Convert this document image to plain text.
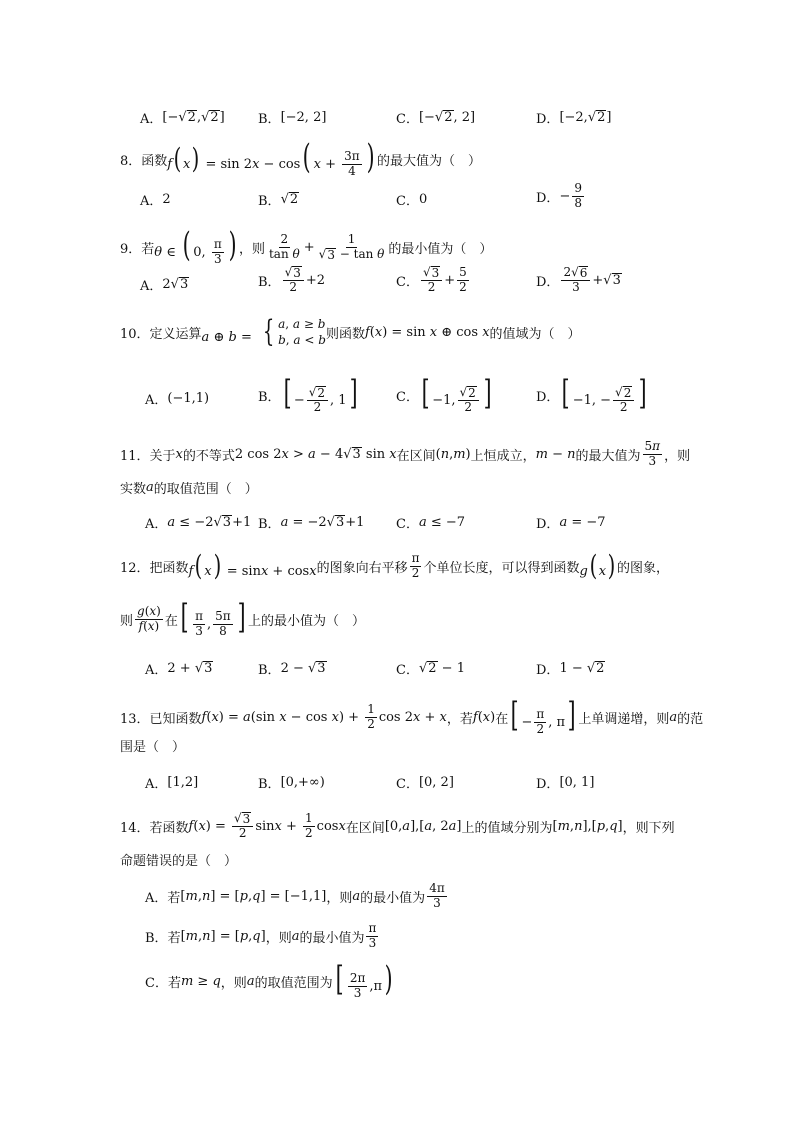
A． [− √ 2 , √ 2 ]	B． [−2, 2]	C． [− √ 2 , 2]	D． [−2, √ 2 ]
8．函数 f( x) = sin 2x − cos( $x + \frac{3\pi}{4}$ ) 的最大值为（　）
A． 2	B． √ 2	C． 0	D． − $\frac{9}{8}$
9．若 θ ∈ ( 0, $\frac{\pi}{3}$ ) ，则 $\frac{2}{\text{tan θ}} + \frac{1}{\text{√ 3 − tan θ}}$ 的最小值为（　）
A． 2 √ 3	B． $\frac{√ 3}{2} +2$	C． $\frac{√ 3}{2} + \frac{5}{2}$	D． $\frac{2 √ 6}{3}$ + √ 3
10．定义运算 a ⊕ b = { a, a ≥ b
b, a < b 则函数 f(x) = sin x ⊕ cos x 的值域为（　）
A． (−1,1)	B． [ − $\frac{√ 2}{2}$ , 1]	C． [ −1, $\frac{√ 2}{2}$ ]	D． [ −1, − $\frac{√ 2}{2}$ ]
11．关于 x 的不等式 2 cos 2x > a − 4 √ 3 sin x 在区间 (n,m) 上恒成立， m − n 的最大值为 $\frac{5\pi}{3}$ ，则
实数 a 的取值范围（　）
A． a ≤ −2 √ 3 +1 B． a = −2 √ 3 +1 C． a ≤ −7	D． a = −7
12．把函数 f( x) = sinx + cosx 的图象向右平移 $\frac{\pi}{2}$ 个单位长度，可以得到函数 g( x) 的图象，
则 $\frac{g(x)}{f(x)}$ 在 [ $\frac{\pi}{3}$ , $\frac{5\pi}{8}$ ] 上的最小值为（　）
A． 2 + √ 3	B． 2 − √ 3	C． √ 2 − 1	D． 1 − √ 2
13．已知函数 f(x) = a(sin $x - \cos x) + \frac{1}{2}$ cos 2x + x ，若 f(x) 在 [ − $\frac{\pi}{2}$ , π] 上单调递增，则 a 的范
围是（　）
A． [1,2]	B． [0,+∞)	C． [0, 2]	D． [0, 1]
14．若函数 $f(x) = \frac{√ 3}{2}$ $\sin x + \frac{1}{2}$ cosx 在区间 [0,a],[a, 2a] 上的值域分别为 [m,n],[p,q] ，则下列
命题错误的是（　）
A． 若 [m,n] = [p,q] = [−1,1] ，则 a 的最小值为 $\frac{4\pi}{3}$
B． 若 [m,n] = [p,q] ，则 a 的最小值为 $\frac{\pi}{3}$
C． 若 m ≥ q ，则 a 的取值范围为 [ $\frac{2\pi}{3} ,\pi$)
